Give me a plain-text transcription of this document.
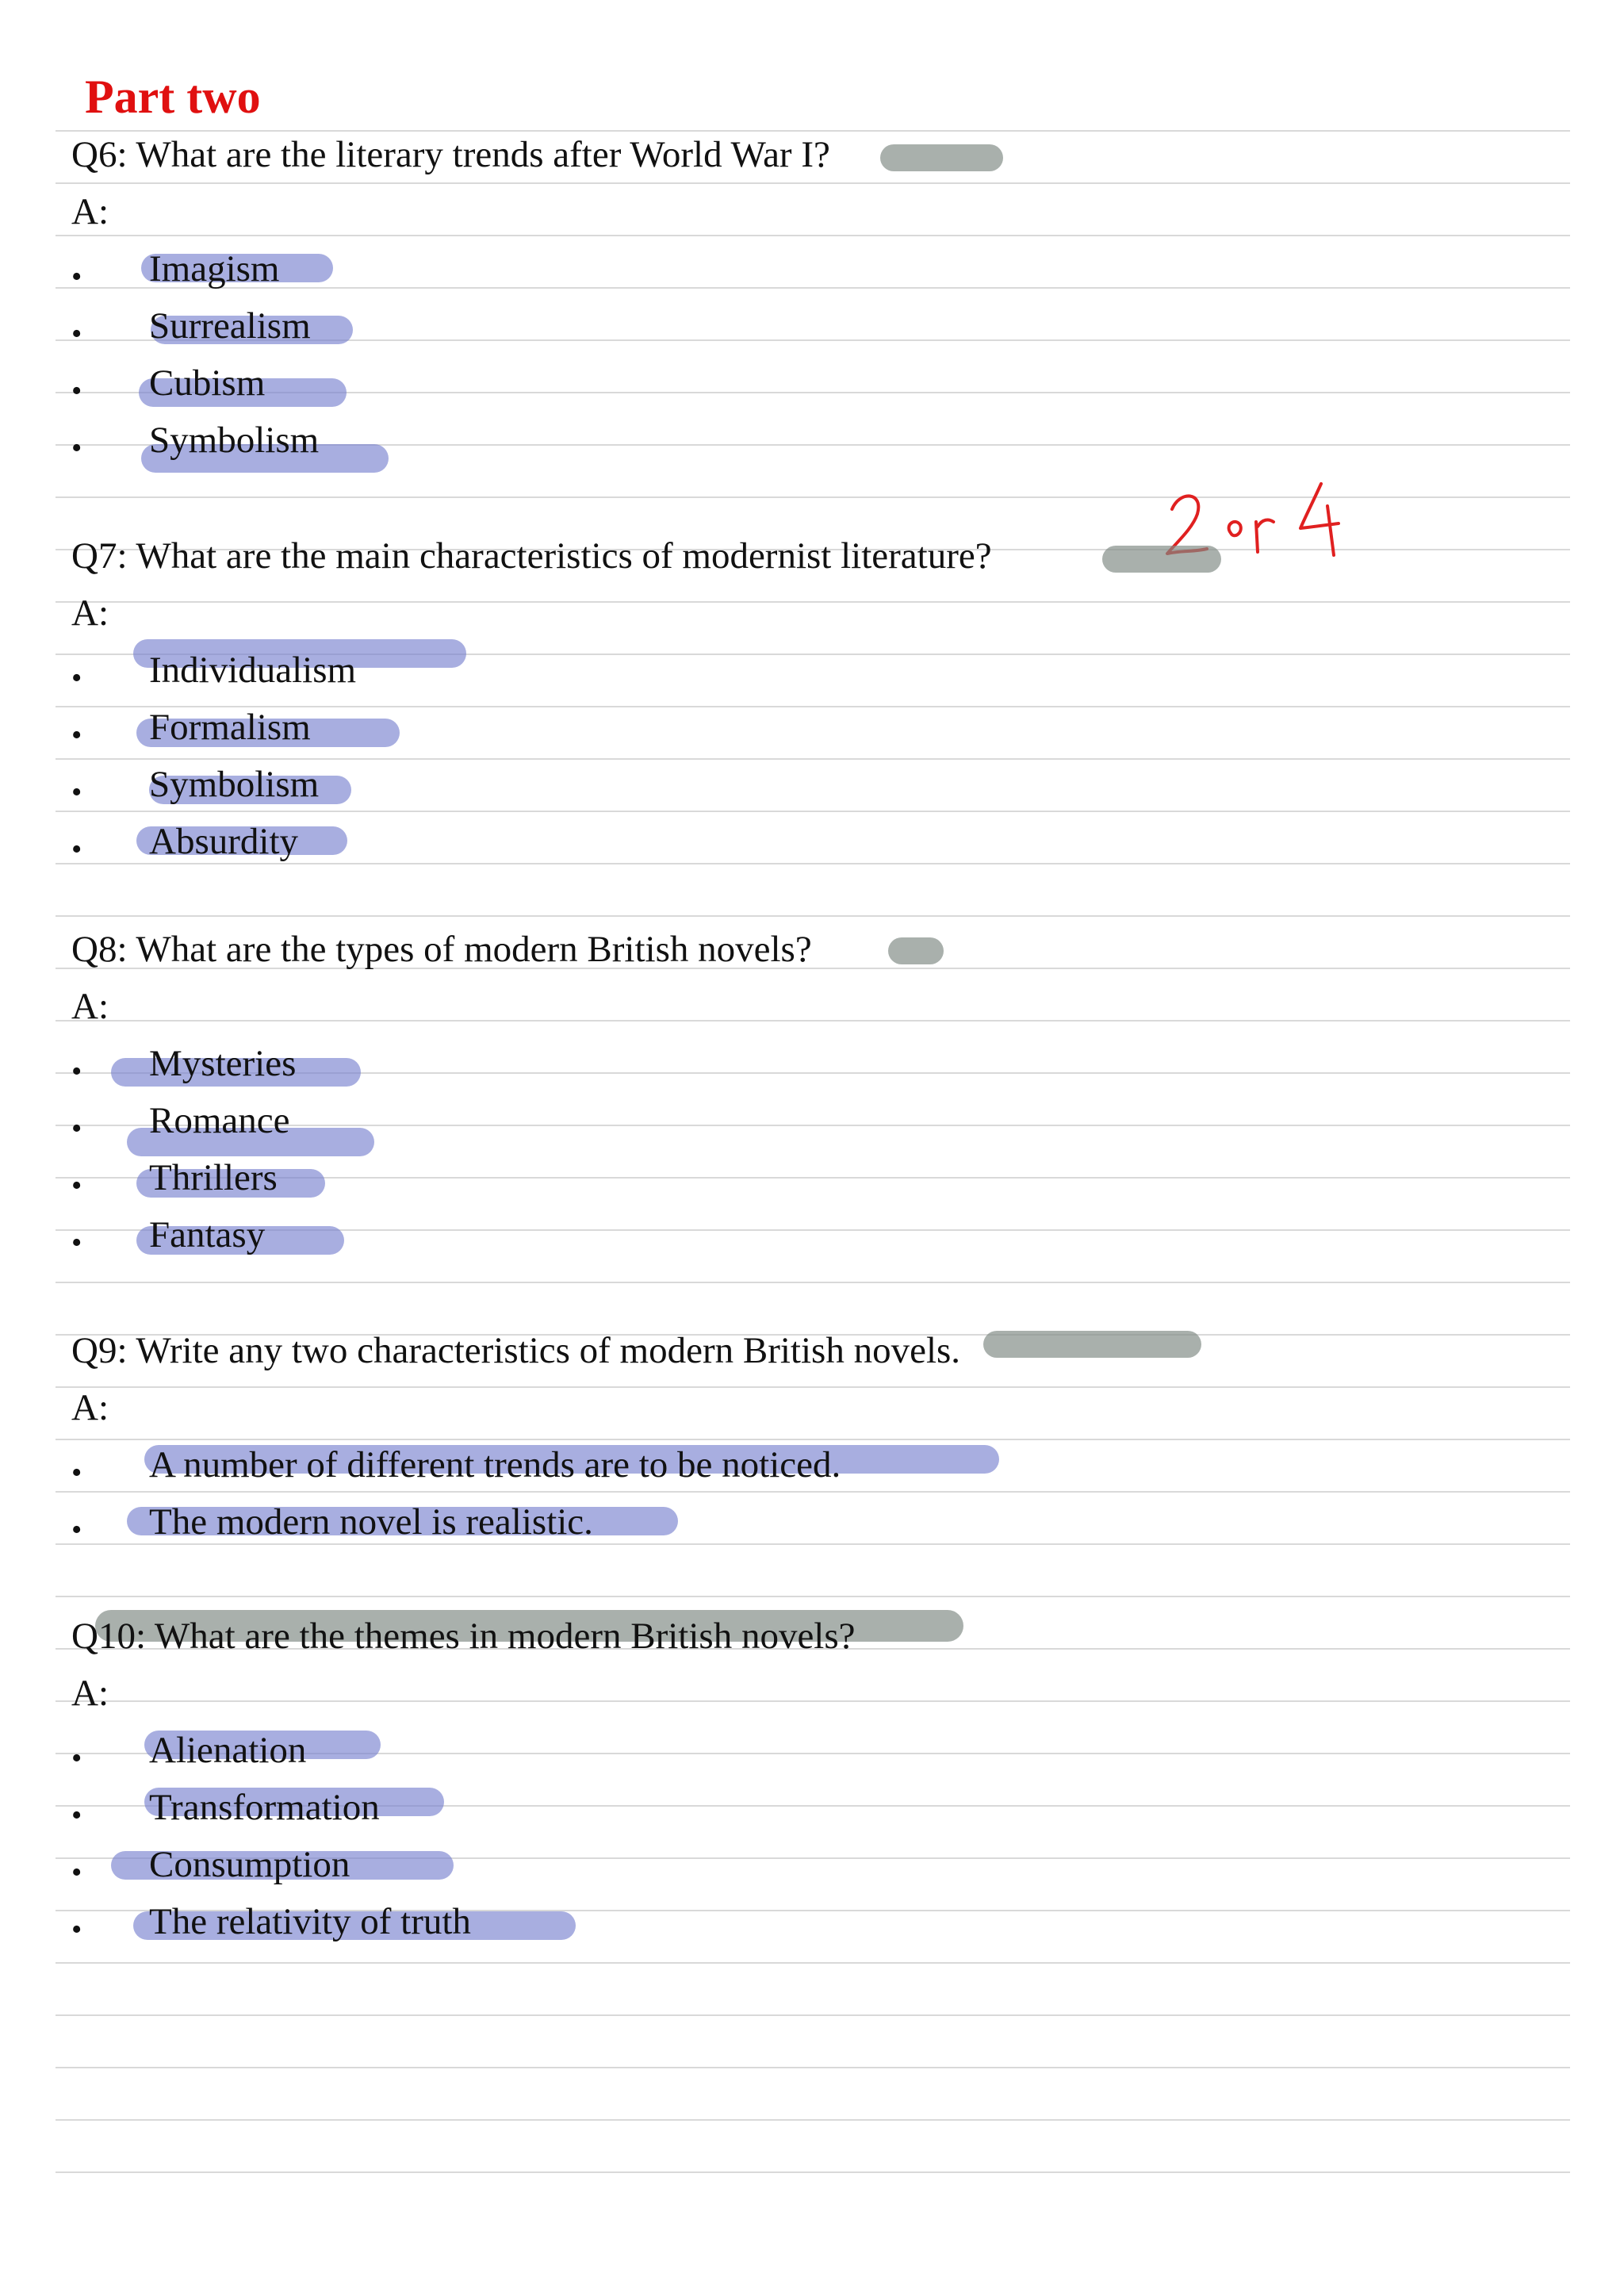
Part two
Q6: What are the literary trends after World War I?
A:
• Imagism
• Surrealism
• Cubism
• Symbolism
Q7: What are the main characteristics of modernist literature?
A:
• Individualism
• Formalism
• Symbolism
• Absurdity
Q8: What are the types of modern British novels?
A:
• Mysteries
• Romance
• Thrillers
• Fantasy
Q9: Write any two characteristics of modern British novels.
A:
• A number of different trends are to be noticed.
• The modern novel is realistic.
Q10: What are the themes in modern British novels?
A:
• Alienation
• Transformation
• Consumption
• The relativity of truth
